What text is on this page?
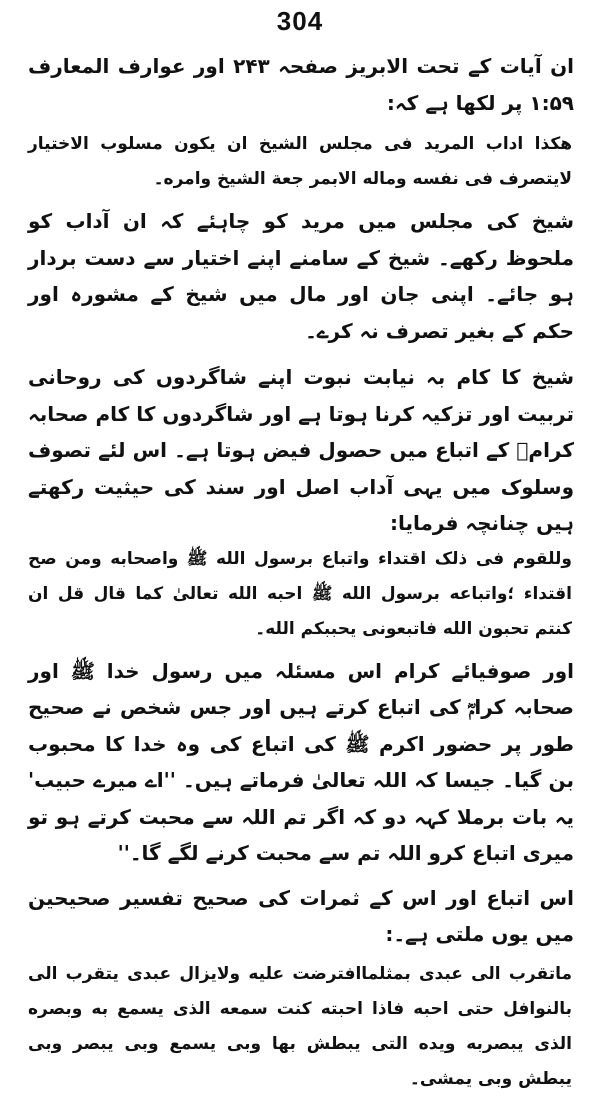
304

ان آیات کے تحت الابریز صفحہ ۲۴۳ اور عوارف المعارف ۱:۵۹ پر لکھا ہے کہ:

ھکذا اداب المرید فی مجلس الشیخ ان یکون مسلوب الاختیار لایتصرف فی نفسه وماله الابمر جعة الشیخ وامره۔

شیخ کی مجلس میں مرید کو چاہئے کہ ان آداب کو ملحوظ رکھے۔ شیخ کے سامنے اپنے اختیار سے دست بردار ہو جائے۔ اپنی جان اور مال میں شیخ کے مشورہ اور حکم کے بغیر تصرف نہ کرے۔

شیخ کا کام بہ نیابت نبوت اپنے شاگردوں کی روحانی تربیت اور تزکیہ کرنا ہوتا ہے اور شاگردوں کا کام صحابہ کرامؓ کے اتباع میں حصول فیض ہوتا ہے۔ اس لئے تصوف وسلوک میں یہی آداب اصل اور سند کی حیثیت رکھتے ہیں چنانچہ فرمایا:

وللقوم فی ذلک اقتداء واتباع برسول الله ﷺ واصحابه ومن صح اقتداء ؛واتباعه برسول الله ﷺ احبه الله تعالیٰ کما قال قل ان کنتم تحبون الله فاتبعونی یحببکم الله۔

اور صوفیائے کرام اس مسئلہ میں رسول خدا ﷺ اور صحابہ کرامؓ کی اتباع کرتے ہیں اور جس شخص نے صحیح طور پر حضور اکرم ﷺ کی اتباع کی وہ خدا کا محبوب بن گیا۔ جیسا کہ اللہ تعالیٰ فرماتے ہیں۔ ''اے میرے حبیب' یہ بات برملا کہہ دو کہ اگر تم اللہ سے محبت کرتے ہو تو میری اتباع کرو اللہ تم سے محبت کرنے لگے گا۔''

اس اتباع اور اس کے ثمرات کی صحیح تفسیر صحیحین میں یوں ملتی ہے۔:

ماتقرب الی عبدی بمثلماافترضت علیه ولایزال عبدی یتقرب الی بالنوافل حتی احبه فاذا احبته کنت سمعه الذی یسمع به وبصره الذی یبصربه ویده التی یبطش بها وبی یسمع وبی یبصر وبی یبطش وبی یمشی۔
